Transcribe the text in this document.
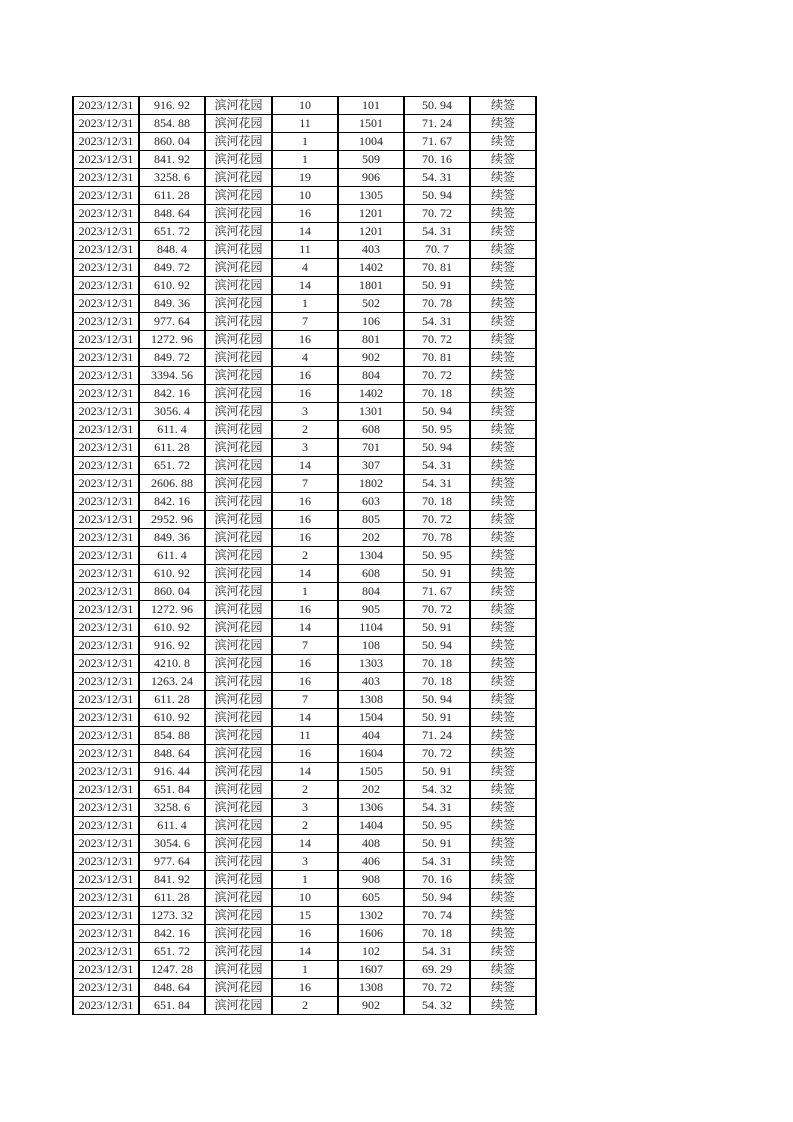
2023/12/31	916. 92	滨河花园	10	101	50. 94	续签
2023/12/31	854. 88	滨河花园	11	1501	71. 24	续签
2023/12/31	860. 04	滨河花园	1	1004	71. 67	续签
2023/12/31	841. 92	滨河花园	1	509	70. 16	续签
2023/12/31	3258. 6	滨河花园	19	906	54. 31	续签
2023/12/31	611. 28	滨河花园	10	1305	50. 94	续签
2023/12/31	848. 64	滨河花园	16	1201	70. 72	续签
2023/12/31	651. 72	滨河花园	14	1201	54. 31	续签
2023/12/31	848. 4	滨河花园	11	403	70. 7	续签
2023/12/31	849. 72	滨河花园	4	1402	70. 81	续签
2023/12/31	610. 92	滨河花园	14	1801	50. 91	续签
2023/12/31	849. 36	滨河花园	1	502	70. 78	续签
2023/12/31	977. 64	滨河花园	7	106	54. 31	续签
2023/12/31	1272. 96	滨河花园	16	801	70. 72	续签
2023/12/31	849. 72	滨河花园	4	902	70. 81	续签
2023/12/31	3394. 56	滨河花园	16	804	70. 72	续签
2023/12/31	842. 16	滨河花园	16	1402	70. 18	续签
2023/12/31	3056. 4	滨河花园	3	1301	50. 94	续签
2023/12/31	611. 4	滨河花园	2	608	50. 95	续签
2023/12/31	611. 28	滨河花园	3	701	50. 94	续签
2023/12/31	651. 72	滨河花园	14	307	54. 31	续签
2023/12/31	2606. 88	滨河花园	7	1802	54. 31	续签
2023/12/31	842. 16	滨河花园	16	603	70. 18	续签
2023/12/31	2952. 96	滨河花园	16	805	70. 72	续签
2023/12/31	849. 36	滨河花园	16	202	70. 78	续签
2023/12/31	611. 4	滨河花园	2	1304	50. 95	续签
2023/12/31	610. 92	滨河花园	14	608	50. 91	续签
2023/12/31	860. 04	滨河花园	1	804	71. 67	续签
2023/12/31	1272. 96	滨河花园	16	905	70. 72	续签
2023/12/31	610. 92	滨河花园	14	1104	50. 91	续签
2023/12/31	916. 92	滨河花园	7	108	50. 94	续签
2023/12/31	4210. 8	滨河花园	16	1303	70. 18	续签
2023/12/31	1263. 24	滨河花园	16	403	70. 18	续签
2023/12/31	611. 28	滨河花园	7	1308	50. 94	续签
2023/12/31	610. 92	滨河花园	14	1504	50. 91	续签
2023/12/31	854. 88	滨河花园	11	404	71. 24	续签
2023/12/31	848. 64	滨河花园	16	1604	70. 72	续签
2023/12/31	916. 44	滨河花园	14	1505	50. 91	续签
2023/12/31	651. 84	滨河花园	2	202	54. 32	续签
2023/12/31	3258. 6	滨河花园	3	1306	54. 31	续签
2023/12/31	611. 4	滨河花园	2	1404	50. 95	续签
2023/12/31	3054. 6	滨河花园	14	408	50. 91	续签
2023/12/31	977. 64	滨河花园	3	406	54. 31	续签
2023/12/31	841. 92	滨河花园	1	908	70. 16	续签
2023/12/31	611. 28	滨河花园	10	605	50. 94	续签
2023/12/31	1273. 32	滨河花园	15	1302	70. 74	续签
2023/12/31	842. 16	滨河花园	16	1606	70. 18	续签
2023/12/31	651. 72	滨河花园	14	102	54. 31	续签
2023/12/31	1247. 28	滨河花园	1	1607	69. 29	续签
2023/12/31	848. 64	滨河花园	16	1308	70. 72	续签
2023/12/31	651. 84	滨河花园	2	902	54. 32	续签
